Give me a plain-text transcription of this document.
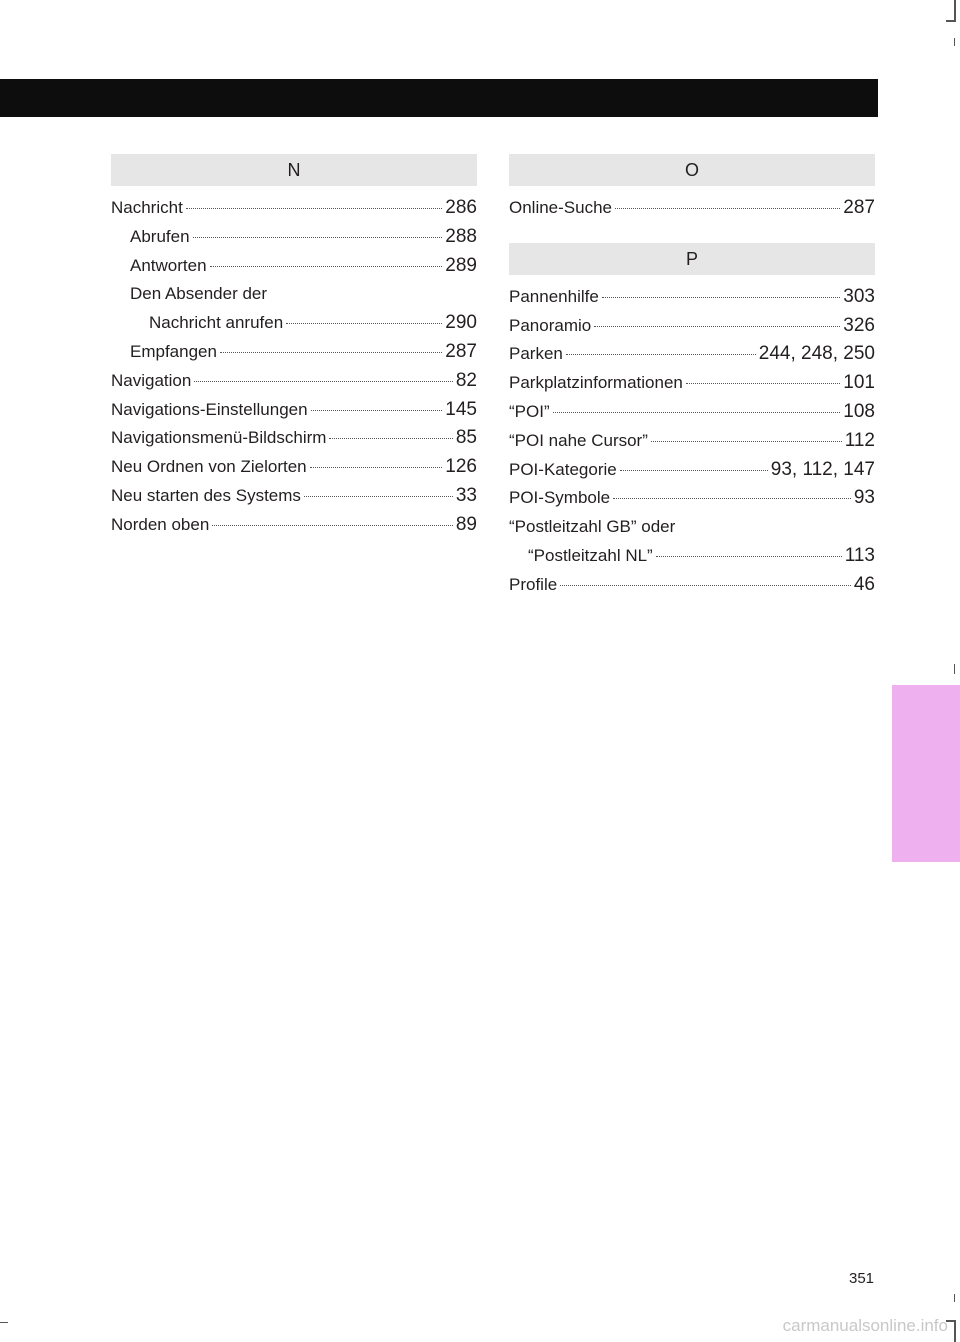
N
Nachricht	286
Abrufen	288
Antworten	289
Den Absender der
Nachricht anrufen	290
Empfangen	287
Navigation	82
Navigations-Einstellungen	145
Navigationsmenü-Bildschirm	85
Neu Ordnen von Zielorten	126
Neu starten des Systems	33
Norden oben	89
O
Online-Suche	287
P
Pannenhilfe	303
Panoramio	326
Parken	244, 248, 250
Parkplatzinformationen	101
“POI”	108
“POI nahe Cursor”	112
POI-Kategorie	93, 112, 147
POI-Symbole	93
“Postleitzahl GB” oder
“Postleitzahl NL”	113
Profile	46
351
carmanualsonline.info
